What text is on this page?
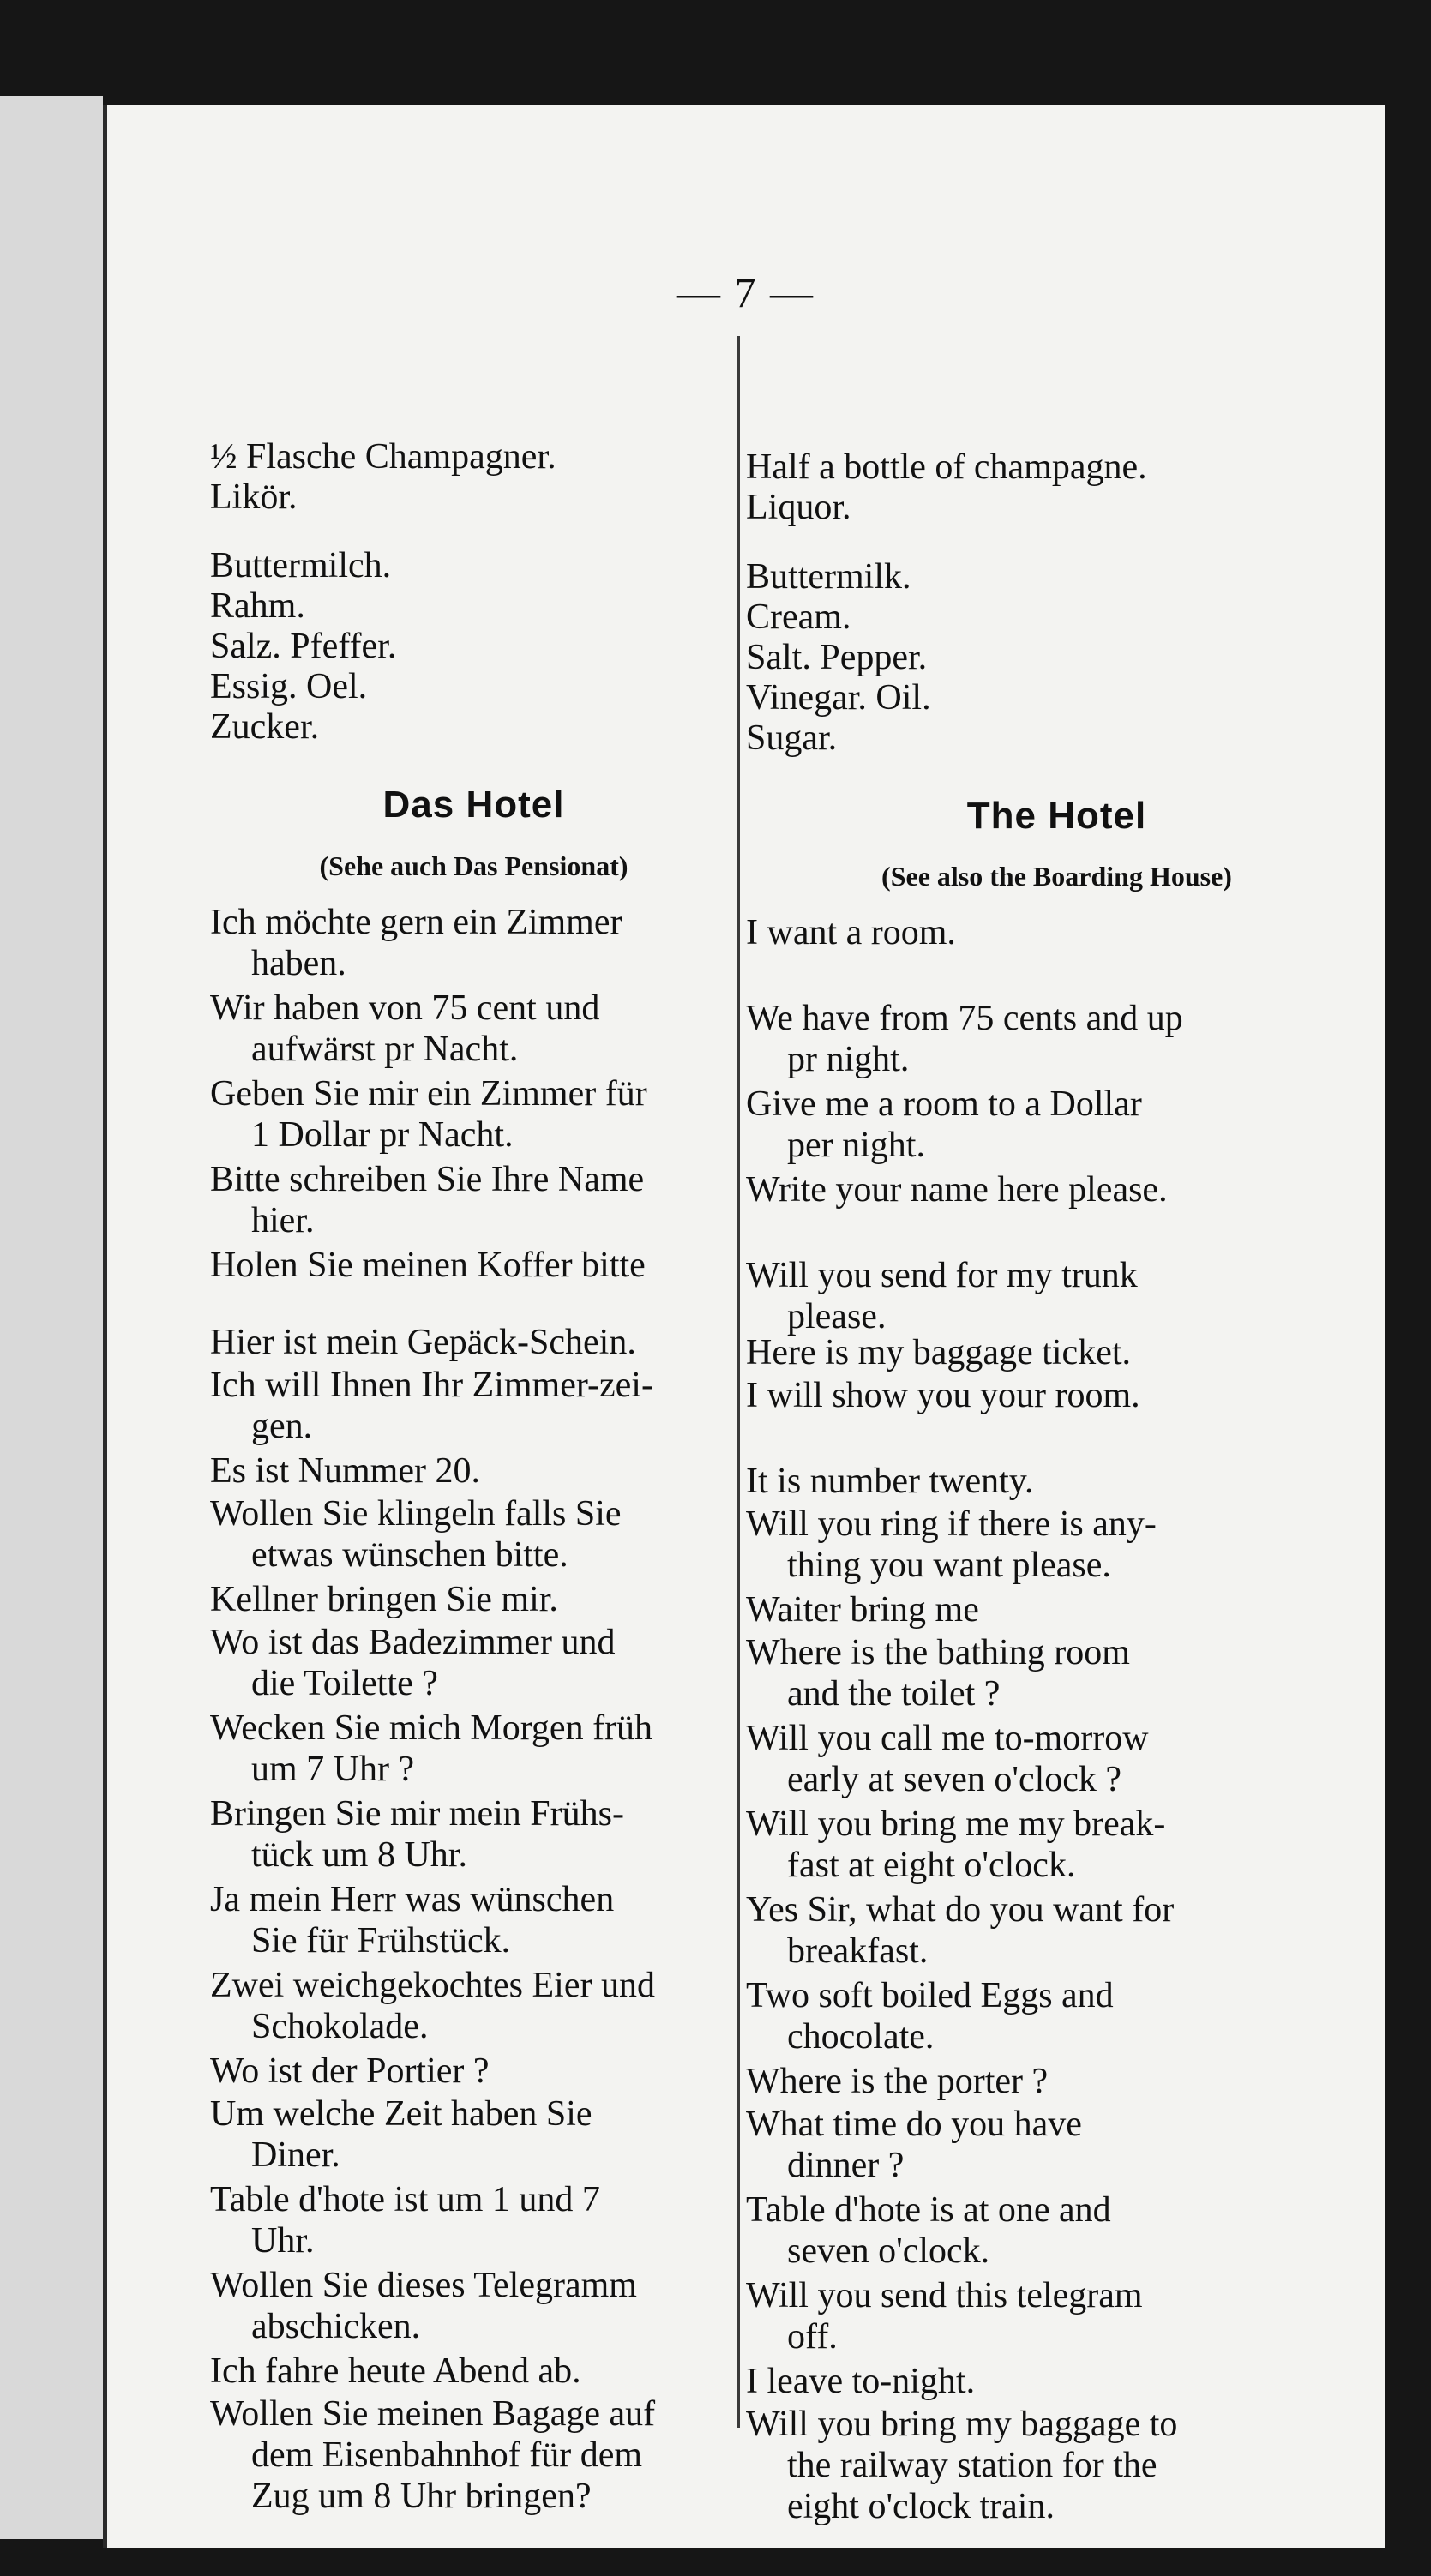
— 7 —

½ Flasche Champagner.

Likör.

Buttermilch.

Rahm.

Salz. Pfeffer.

Essig. Oel.

Zucker.

Das Hotel

(Sehe auch Das Pensionat)

Ich möchte gern ein Zimmer
haben.

Wir haben von 75 cent und
aufwärst pr Nacht.

Geben Sie mir ein Zimmer für
1 Dollar pr Nacht.

Bitte schreiben Sie Ihre Name
hier.

Holen Sie meinen Koffer bitte

Hier ist mein Gepäck-Schein.

Ich will Ihnen Ihr Zimmer-zei-
gen.

Es ist Nummer 20.

Wollen Sie klingeln falls Sie
etwas wünschen bitte.

Kellner bringen Sie mir.

Wo ist das Badezimmer und
die Toilette ?

Wecken Sie mich Morgen früh
um 7 Uhr ?

Bringen Sie mir mein Frühs-
tück um 8 Uhr.

Ja mein Herr was wünschen
Sie für Frühstück.

Zwei weichgekochtes Eier und
Schokolade.

Wo ist der Portier ?

Um welche Zeit haben Sie
Diner.

Table d'hote ist um 1 und 7
Uhr.

Wollen Sie dieses Telegramm
abschicken.

Ich fahre heute Abend ab.

Wollen Sie meinen Bagage auf
dem Eisenbahnhof für dem
Zug um 8 Uhr bringen?

Half a bottle of champagne.

Liquor.

Buttermilk.

Cream.

Salt. Pepper.

Vinegar. Oil.

Sugar.

The Hotel

(See also the Boarding House)

I want a room.

We have from 75 cents and up
pr night.

Give me a room to a Dollar
per night.

Write your name here please.

Will you send for my trunk
please.

Here is my baggage ticket.

I will show you your room.

It is number twenty.

Will you ring if there is any-
thing you want please.

Waiter bring me

Where is the bathing room
and the toilet ?

Will you call me to-morrow
early at seven o'clock ?

Will you bring me my break-
fast at eight o'clock.

Yes Sir, what do you want for
breakfast.

Two soft boiled Eggs and
chocolate.

Where is the porter ?

What time do you have
dinner ?

Table d'hote is at one and
seven o'clock.

Will you send this telegram
off.

I leave to-night.

Will you bring my baggage to
the railway station for the
eight o'clock train.
